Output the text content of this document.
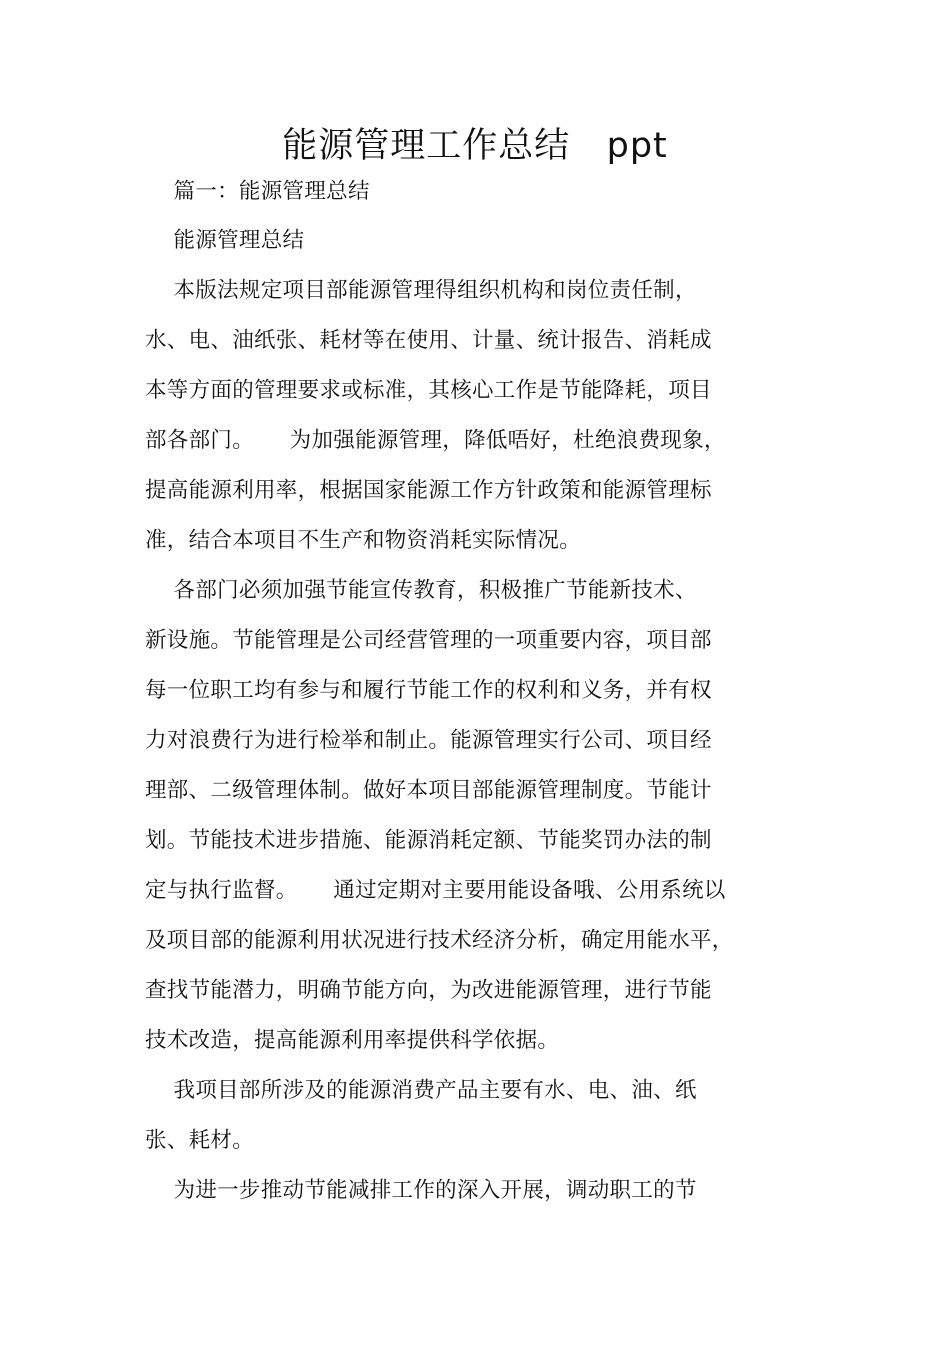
能源管理工作总结   ppt
篇一：能源管理总结
能源管理总结
本版法规定项目部能源管理得组织机构和岗位责任制，
水、电、油纸张、耗材等在使用、计量、统计报告、消耗成
本等方面的管理要求或标准，其核心工作是节能降耗，项目
部各部门。     为加强能源管理，降低唔好，杜绝浪费现象，
提高能源利用率，根据国家能源工作方针政策和能源管理标
准，结合本项目不生产和物资消耗实际情况。
各部门必须加强节能宣传教育，积极推广节能新技术、
新设施。节能管理是公司经营管理的一项重要内容，项目部
每一位职工均有参与和履行节能工作的权利和义务，并有权
力对浪费行为进行检举和制止。能源管理实行公司、项目经
理部、二级管理体制。做好本项目部能源管理制度。节能计
划。节能技术进步措施、能源消耗定额、节能奖罚办法的制
定与执行监督。     通过定期对主要用能设备哦、公用系统以
及项目部的能源利用状况进行技术经济分析，确定用能水平，
查找节能潜力，明确节能方向，为改进能源管理，进行节能
技术改造，提高能源利用率提供科学依据。
我项目部所涉及的能源消费产品主要有水、电、油、纸
张、耗材。
为进一步推动节能减排工作的深入开展，调动职工的节
